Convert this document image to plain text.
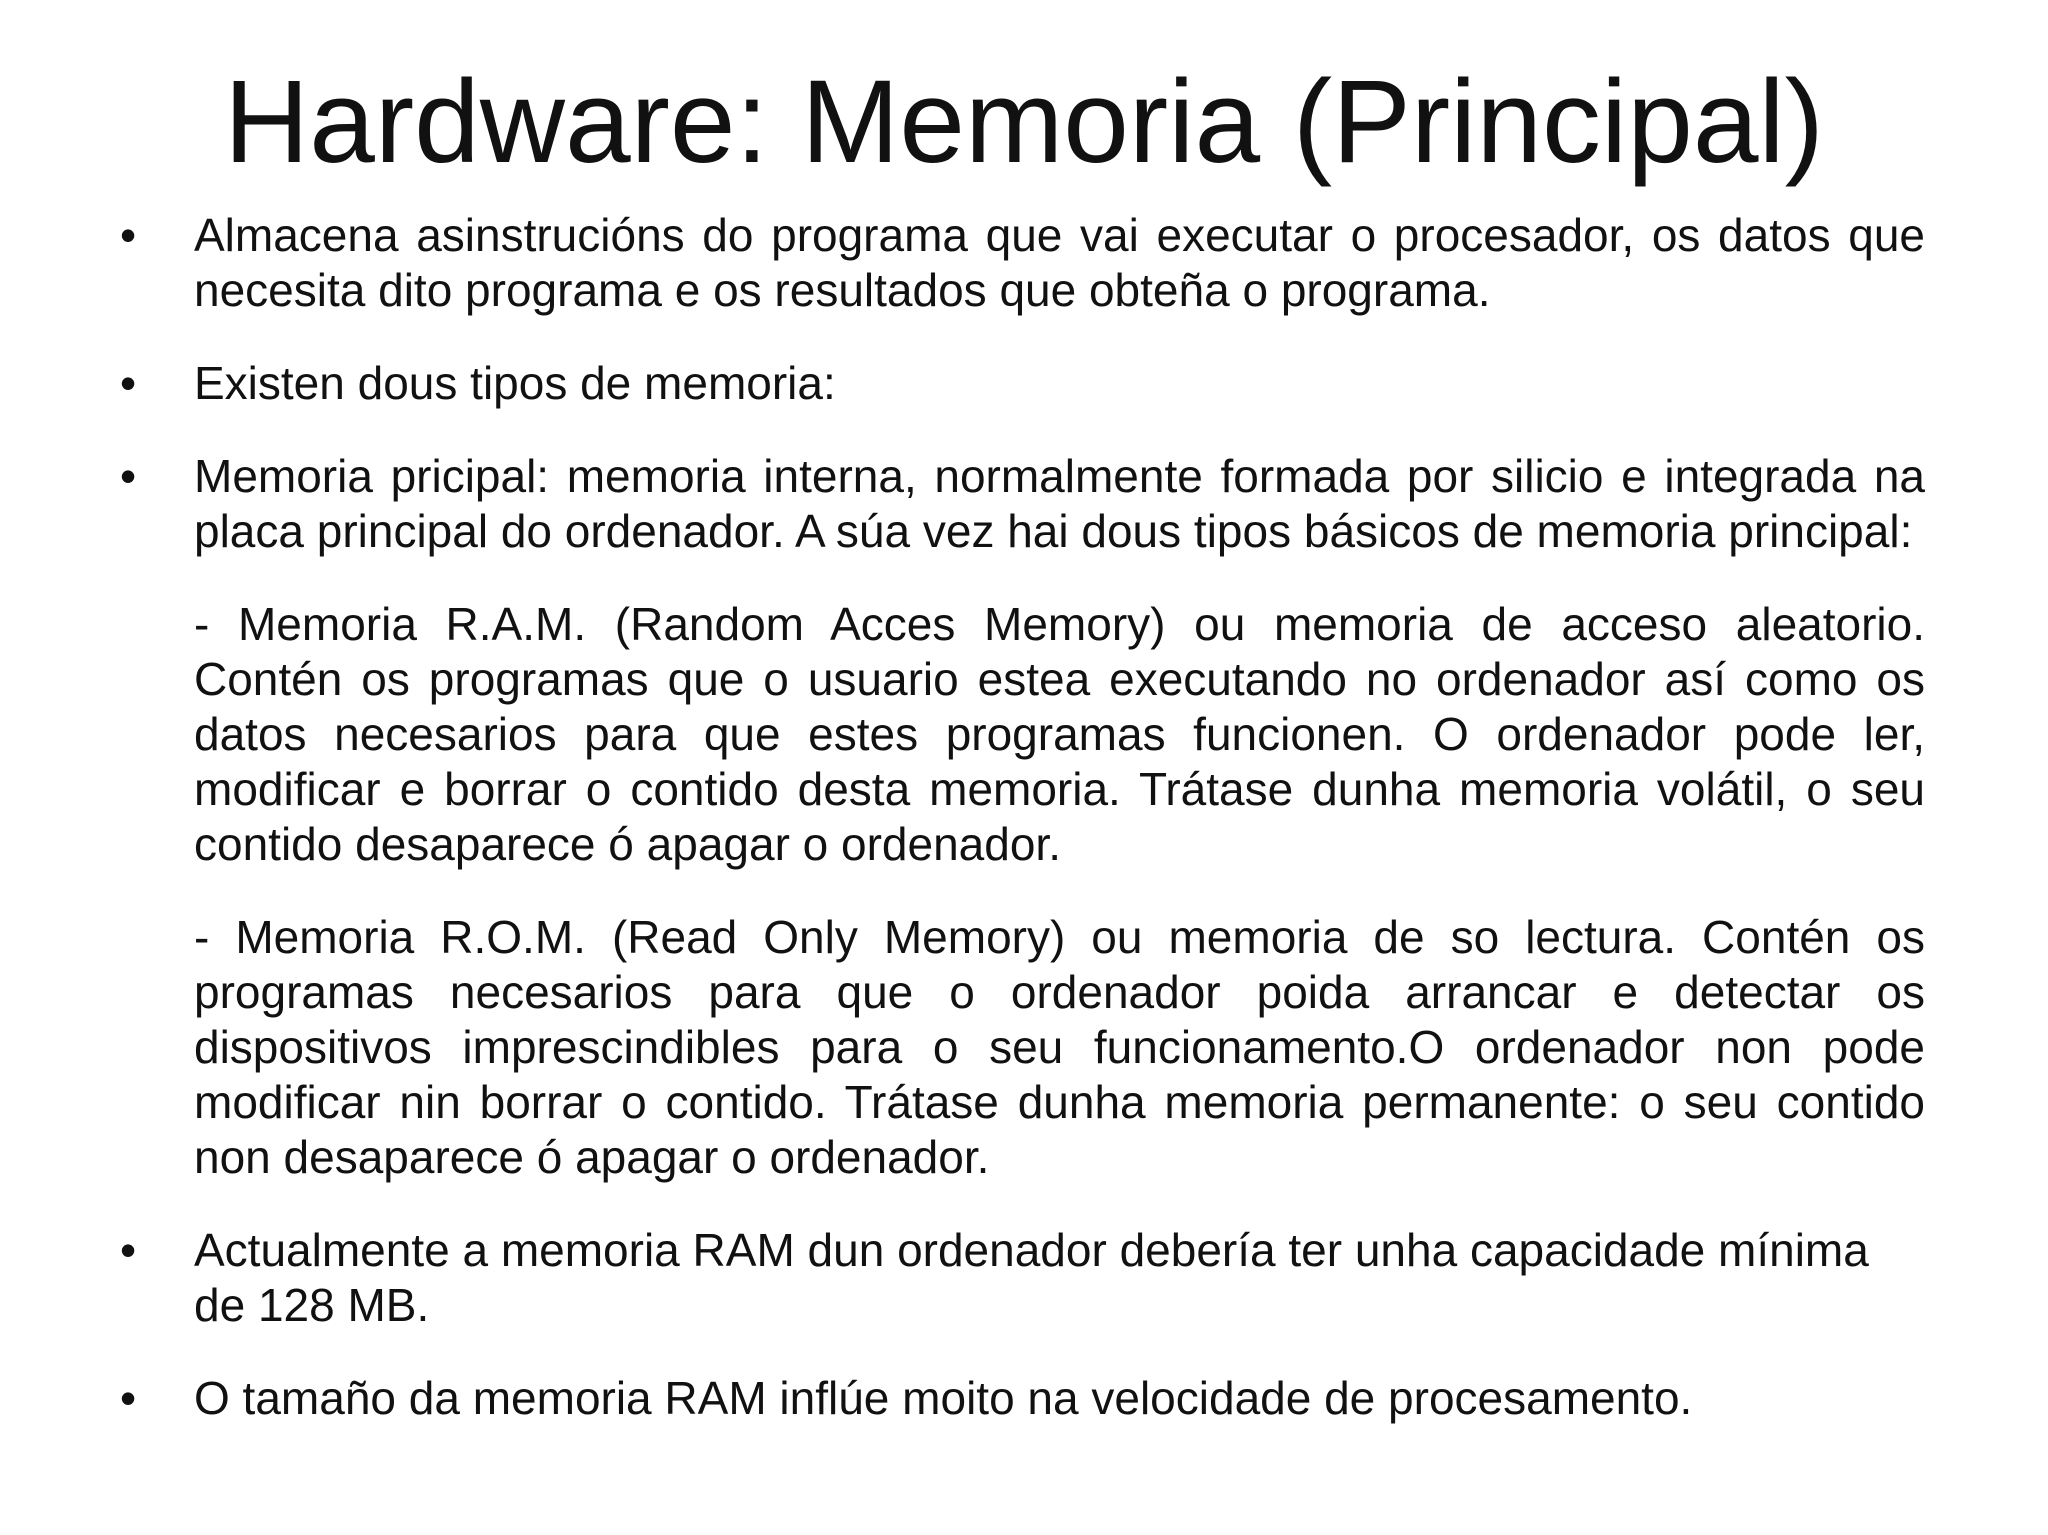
Hardware: Memoria (Principal)
•	Almacena asinstrucións do programa que vai executar o procesador, os datos que necesita dito programa e os resultados que obteña o programa.
•	Existen dous tipos de memoria:
•	Memoria pricipal: memoria interna, normalmente formada por silicio e integrada na placa principal do ordenador. A súa vez hai dous tipos básicos de memoria principal:
- Memoria R.A.M. (Random Acces Memory) ou memoria de acceso aleatorio. Contén os programas que o usuario estea executando no ordenador así como os datos necesarios para que estes programas funcionen. O ordenador pode ler, modificar e borrar o contido desta memoria. Trátase dunha memoria volátil, o seu contido desaparece ó apagar o ordenador.
- Memoria R.O.M. (Read Only Memory) ou memoria de so lectura. Contén os programas necesarios para que o ordenador poida arrancar e detectar os dispositivos imprescindibles para o seu funcionamento.O ordenador non pode modificar nin borrar o contido. Trátase dunha memoria permanente: o seu contido non desaparece ó apagar o ordenador.
•	Actualmente a memoria RAM dun ordenador debería ter unha capacidade mínima de 128 MB.
•	O tamaño da memoria RAM inflúe moito na velocidade de procesamento.
